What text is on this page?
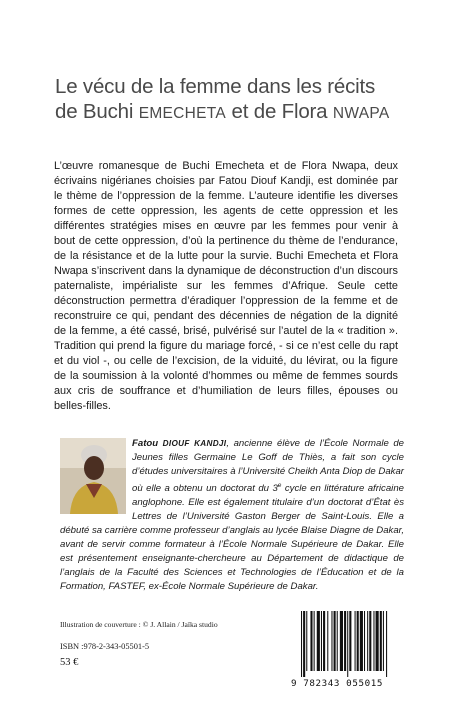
Le vécu de la femme dans les récits
de Buchi EMECHETA et de Flora NWAPA

L’œuvre romanesque de Buchi Emecheta et de Flora Nwapa, deux écrivains nigérianes choisies par Fatou Diouf Kandji, est dominée par le thème de l’oppression de la femme. L’auteure identifie les diverses formes de cette oppression, les agents de cette oppression et les différentes stratégies mises en œuvre par les femmes pour venir à bout de cette oppression, d’où la pertinence du thème de l’endurance, de la résistance et de la lutte pour la survie. Buchi Emecheta et Flora Nwapa s’inscrivent dans la dynamique de déconstruction d’un discours paternaliste, impérialiste sur les femmes d’Afrique. Seule cette déconstruction permettra d’éradiquer l’oppression de la femme et de reconstruire ce qui, pendant des décennies de négation de la dignité de la femme, a été cassé, brisé, pulvérisé sur l’autel de la « tradition ». Tradition qui prend la figure du mariage forcé, - si ce n’est celle du rapt et du viol -, ou celle de l’excision, de la viduité, du lévirat, ou la figure de la soumission à la volonté d’hommes ou même de femmes sourds aux cris de souffrance et d’humiliation de leurs filles, épouses ou belles-filles.

Fatou DIOUF KANDJI, ancienne élève de l’École Normale de Jeunes filles Germaine Le Goff de Thiès, a fait son cycle d’études universitaires à l’Université Cheikh Anta Diop de Dakar où elle a obtenu un doctorat du 3e cycle en littérature africaine anglophone. Elle est également titulaire d’un doctorat d’État ès Lettres de l’Université Gaston Berger de Saint-Louis. Elle a débuté sa carrière comme professeur d’anglais au lycée Blaise Diagne de Dakar, avant de servir comme formateur à l’École Normale Supérieure de Dakar. Elle est présentement enseignante-chercheure au Département de didactique de l’anglais de la Faculté des Sciences et Technologies de l’Éducation et de la Formation, FASTEF, ex-École Normale Supérieure de Dakar.

Illustration de couverture : © J. Allain / Jaïka studio
ISBN :978-2-343-05501-5
53 €
9 782343 055015
